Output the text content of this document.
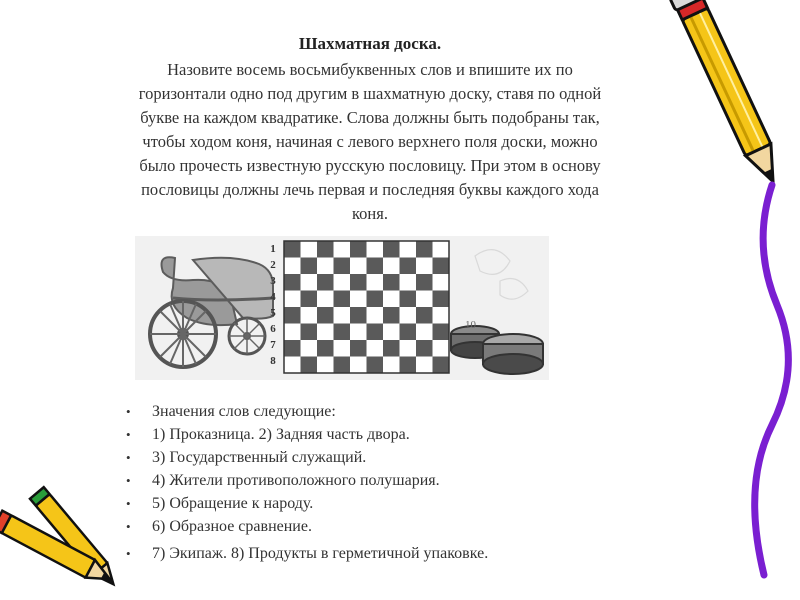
Шахматная доска.
Назовите восемь восьмибуквенных слов и впишите их по
горизонтали одно под другим в шахматную доску, ставя по одной
букве на каждом квадратике. Слова должны быть подобраны так,
чтобы ходом коня, начиная с левого верхнего поля доски, можно
было прочесть известную русскую пословицу. При этом в основу
пословицы должны лечь первая и последняя буквы каждого хода
коня.
1
2
3
4
5
6
7
8
10
• Значения слов следующие:
• 1) Проказница. 2) Задняя часть двора.
• 3) Государственный служащий.
• 4) Жители противоположного полушария.
• 5) Обращение к народу.
• 6) Образное сравнение.
• 7) Экипаж. 8) Продукты в герметичной упаковке.
